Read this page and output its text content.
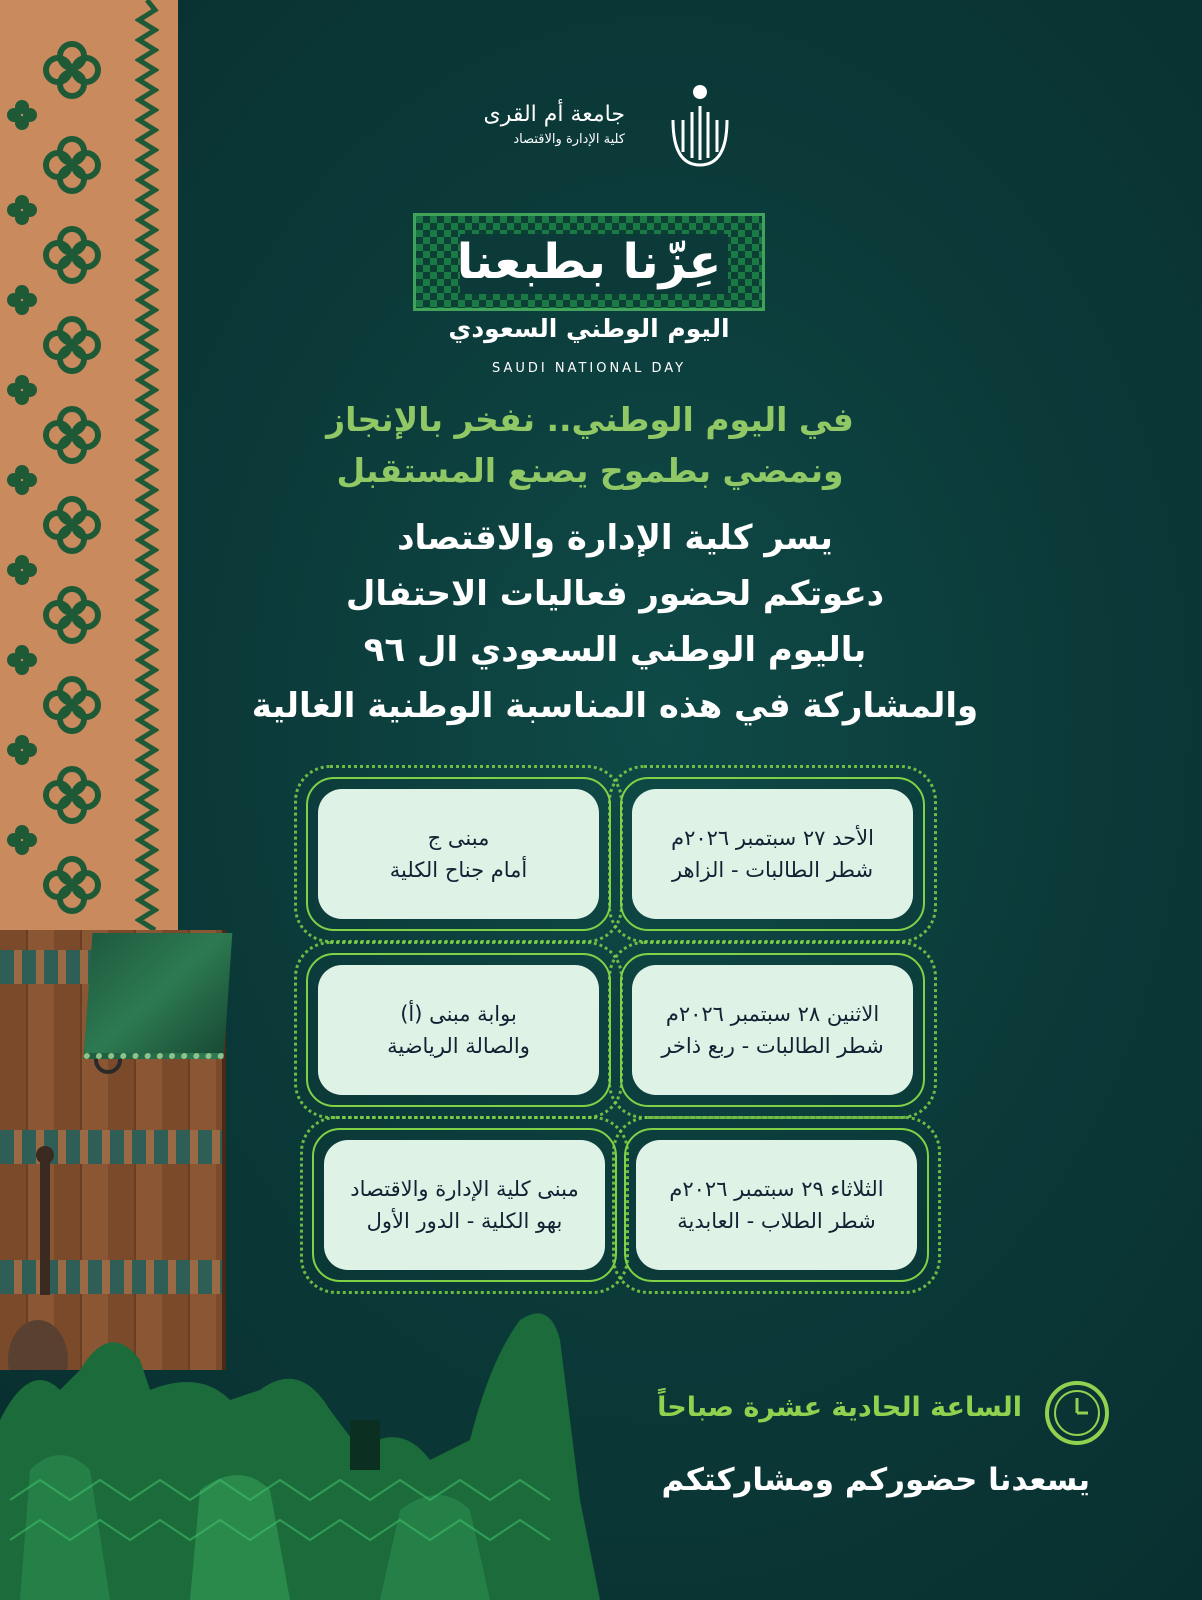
جامعة أم القرى
كلية الإدارة والاقتصاد
عِزّنا بطبعنا
اليوم الوطني السعودي
SAUDI NATIONAL DAY
في اليوم الوطني.. نفخر بالإنجاز
ونمضي بطموح يصنع المستقبل
يسر كلية الإدارة والاقتصاد
دعوتكم لحضور فعاليات الاحتفال
باليوم الوطني السعودي ال ٩٦
والمشاركة في هذه المناسبة الوطنية الغالية
الأحد ٢٧ سبتمبر ٢٠٢٦م
شطر الطالبات - الزاهر
مبنى ج
أمام جناح الكلية
الاثنين ٢٨ سبتمبر ٢٠٢٦م
شطر الطالبات - ربع ذاخر
بوابة مبنى (أ)
والصالة الرياضية
الثلاثاء ٢٩ سبتمبر ٢٠٢٦م
شطر الطلاب - العابدية
مبنى كلية الإدارة والاقتصاد
بهو الكلية - الدور الأول
الساعة الحادية عشرة صباحاً
يسعدنا حضوركم ومشاركتكم
